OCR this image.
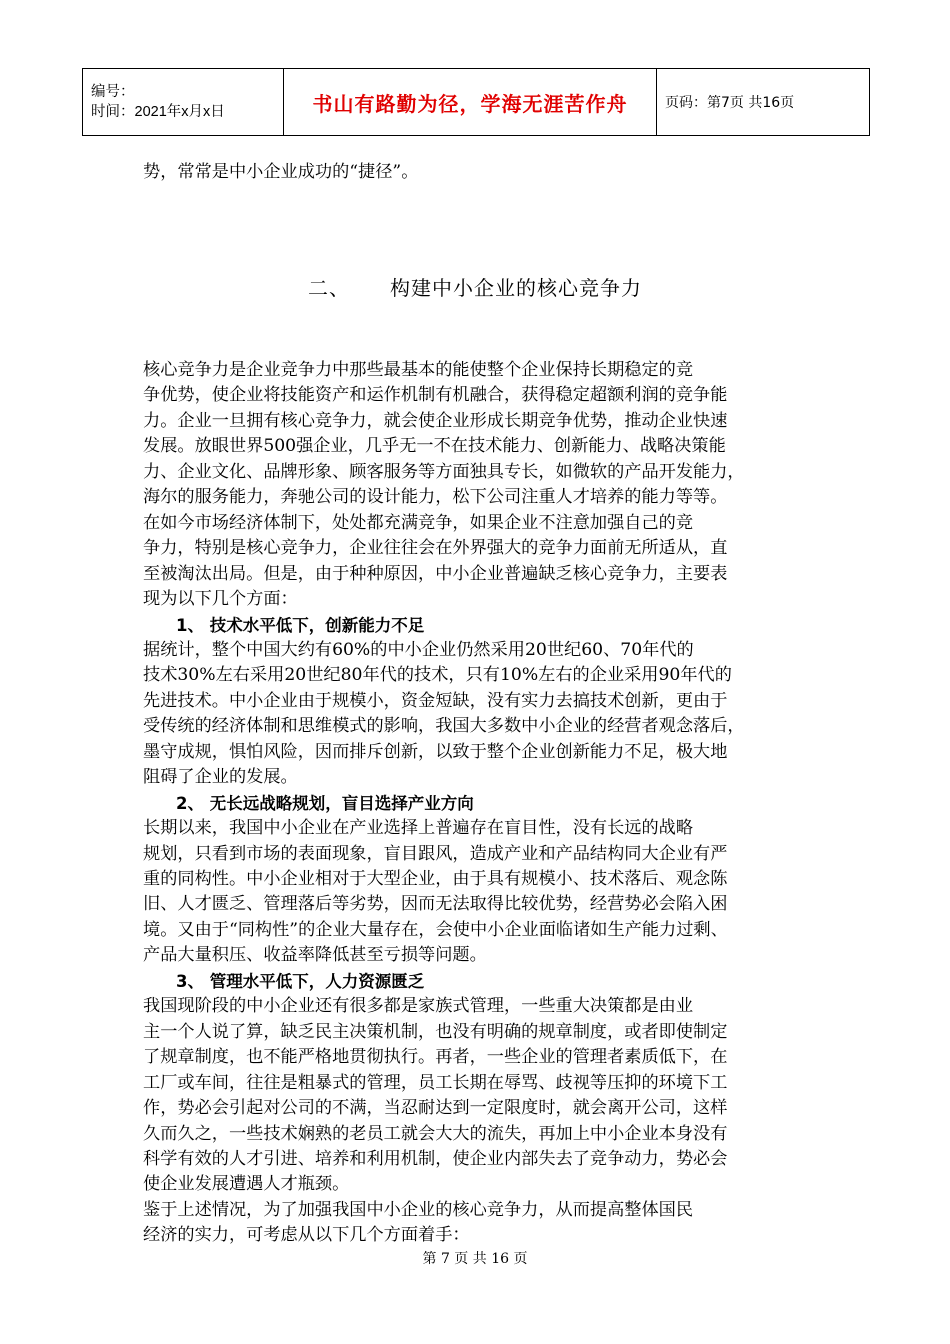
编号：
时间：2021年x月x日	书山有路勤为径，学海无涯苦作舟	页码：第7页 共16页
势，常常是中小企业成功的“捷径”。
二、 构建中小企业的核心竞争力
核心竞争力是企业竞争力中那些最基本的能使整个企业保持长期稳定的竞
争优势，使企业将技能资产和运作机制有机融合，获得稳定超额利润的竞争能
力。企业一旦拥有核心竞争力，就会使企业形成长期竞争优势，推动企业快速
发展。放眼世界500强企业，几乎无一不在技术能力、创新能力、战略决策能
力、企业文化、品牌形象、顾客服务等方面独具专长，如微软的产品开发能力，
海尔的服务能力，奔驰公司的设计能力，松下公司注重人才培养的能力等等。
在如今市场经济体制下，处处都充满竞争，如果企业不注意加强自己的竞
争力，特别是核心竞争力，企业往往会在外界强大的竞争力面前无所适从，直
至被淘汰出局。但是，由于种种原因，中小企业普遍缺乏核心竞争力，主要表
现为以下几个方面：
1、 技术水平低下，创新能力不足
据统计，整个中国大约有60%的中小企业仍然采用20世纪60、70年代的
技术30%左右采用20世纪80年代的技术，只有10%左右的企业采用90年代的
先进技术。中小企业由于规模小，资金短缺，没有实力去搞技术创新，更由于
受传统的经济体制和思维模式的影响，我国大多数中小企业的经营者观念落后，
墨守成规，惧怕风险，因而排斥创新，以致于整个企业创新能力不足，极大地
阻碍了企业的发展。
2、 无长远战略规划，盲目选择产业方向
长期以来，我国中小企业在产业选择上普遍存在盲目性，没有长远的战略
规划，只看到市场的表面现象，盲目跟风，造成产业和产品结构同大企业有严
重的同构性。中小企业相对于大型企业，由于具有规模小、技术落后、观念陈
旧、人才匮乏、管理落后等劣势，因而无法取得比较优势，经营势必会陷入困
境。又由于“同构性”的企业大量存在，会使中小企业面临诸如生产能力过剩、
产品大量积压、收益率降低甚至亏损等问题。
3、 管理水平低下，人力资源匮乏
我国现阶段的中小企业还有很多都是家族式管理，一些重大决策都是由业
主一个人说了算，缺乏民主决策机制，也没有明确的规章制度，或者即使制定
了规章制度，也不能严格地贯彻执行。再者，一些企业的管理者素质低下，在
工厂或车间，往往是粗暴式的管理，员工长期在辱骂、歧视等压抑的环境下工
作，势必会引起对公司的不满，当忍耐达到一定限度时，就会离开公司，这样
久而久之，一些技术娴熟的老员工就会大大的流失，再加上中小企业本身没有
科学有效的人才引进、培养和利用机制，使企业内部失去了竞争动力，势必会
使企业发展遭遇人才瓶颈。
鉴于上述情况，为了加强我国中小企业的核心竞争力，从而提高整体国民
经济的实力，可考虑从以下几个方面着手：
第 7 页 共 16 页
